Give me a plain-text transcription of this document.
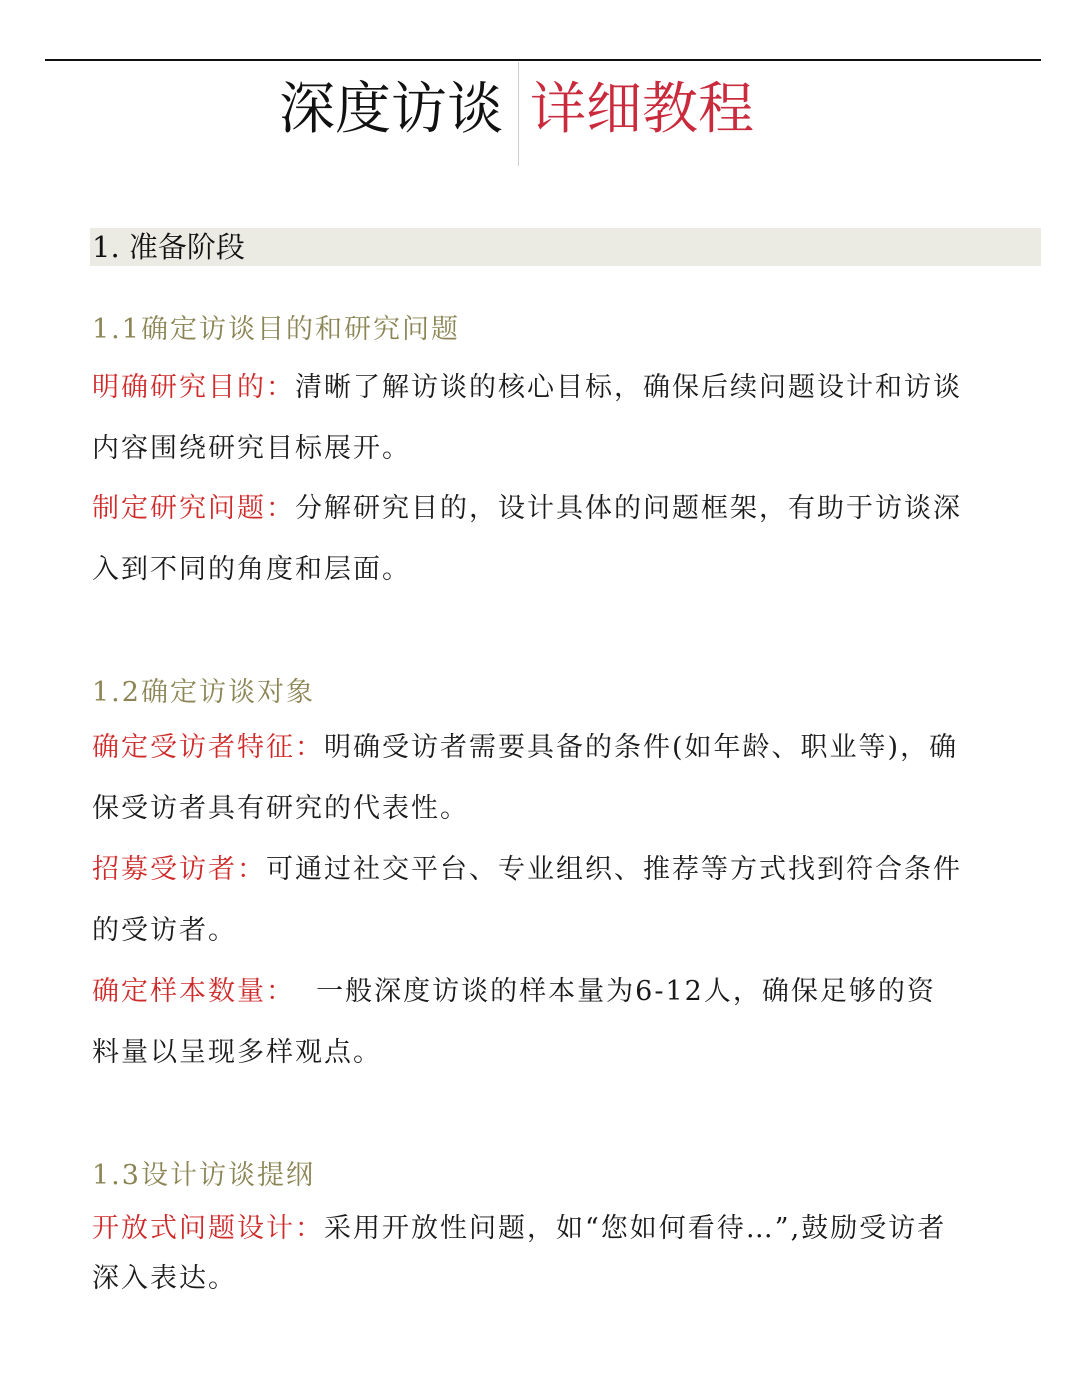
深度访谈 详细教程
1. 准备阶段
1.1确定访谈目的和研究问题
明确研究目的：清晰了解访谈的核心目标，确保后续问题设计和访谈内容围绕研究目标展开。
制定研究问题：分解研究目的，设计具体的问题框架，有助于访谈深入到不同的角度和层面。
1.2确定访谈对象
确定受访者特征：明确受访者需要具备的条件(如年龄、职业等)，确保受访者具有研究的代表性。
招募受访者：可通过社交平台、专业组织、推荐等方式找到符合条件的受访者。
确定样本数量：  一般深度访谈的样本量为6-12人，确保足够的资料量以呈现多样观点。
1.3设计访谈提纲
开放式问题设计：采用开放性问题，如“您如何看待…”,鼓励受访者深入表达。
